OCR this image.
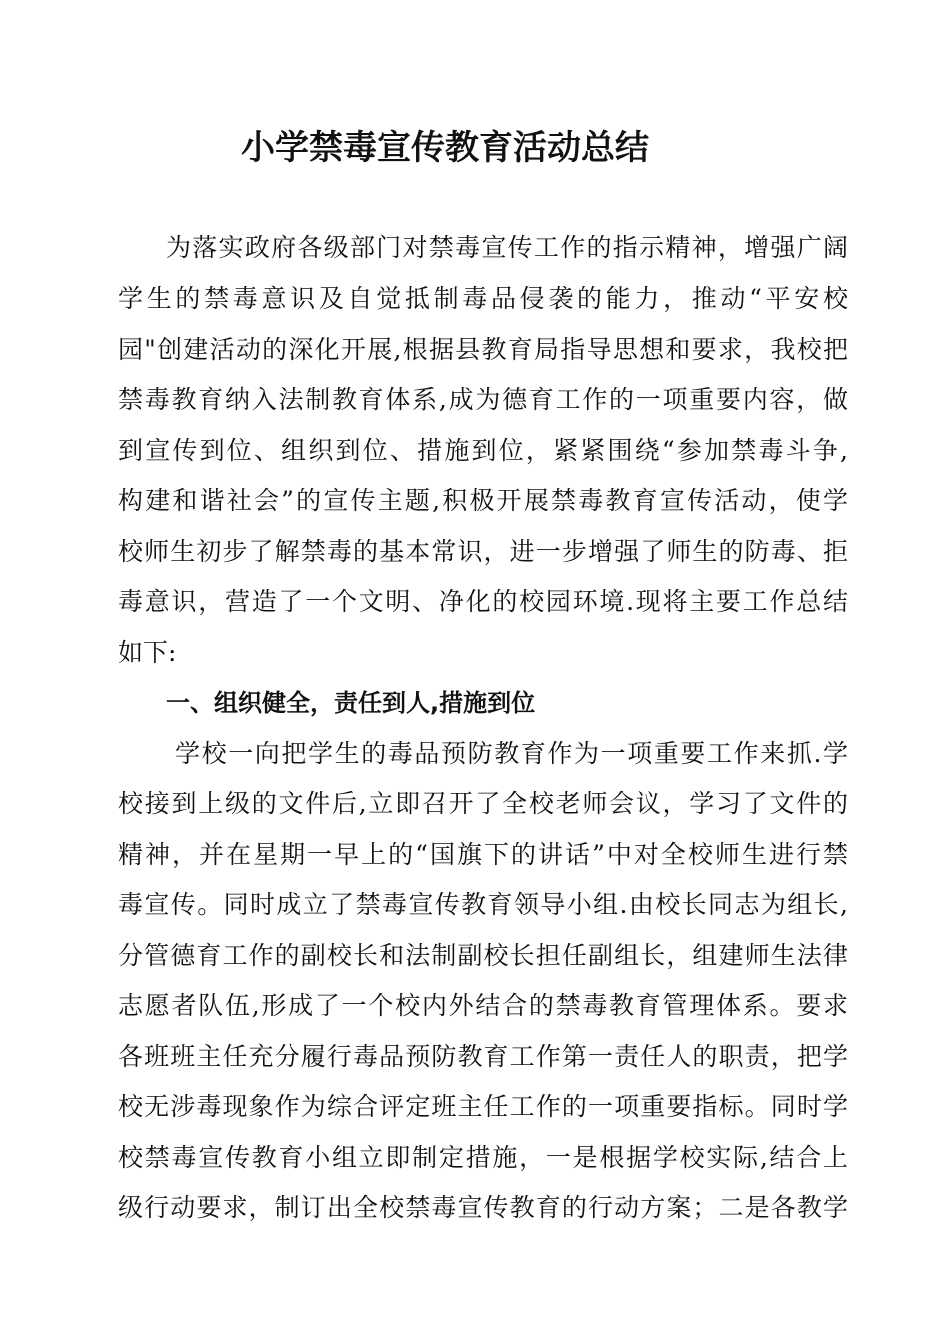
小学禁毒宣传教育活动总结
为落实政府各级部门对禁毒宣传工作的指示精神，增强广阔
学生的禁毒意识及自觉抵制毒品侵袭的能力，推动“平安校
园"创建活动的深化开展,根据县教育局指导思想和要求，我校把
禁毒教育纳入法制教育体系,成为德育工作的一项重要内容，做
到宣传到位、组织到位、措施到位，紧紧围绕“参加禁毒斗争,
构建和谐社会”的宣传主题,积极开展禁毒教育宣传活动，使学
校师生初步了解禁毒的基本常识，进一步增强了师生的防毒、拒
毒意识，营造了一个文明、净化的校园环境.现将主要工作总结
如下:
一、组织健全，责任到人,措施到位
学校一向把学生的毒品预防教育作为一项重要工作来抓.学
校接到上级的文件后,立即召开了全校老师会议，学习了文件的
精神，并在星期一早上的“国旗下的讲话”中对全校师生进行禁
毒宣传。同时成立了禁毒宣传教育领导小组.由校长同志为组长,
分管德育工作的副校长和法制副校长担任副组长，组建师生法律
志愿者队伍,形成了一个校内外结合的禁毒教育管理体系。要求
各班班主任充分履行毒品预防教育工作第一责任人的职责，把学
校无涉毒现象作为综合评定班主任工作的一项重要指标。同时学
校禁毒宣传教育小组立即制定措施，一是根据学校实际,结合上
级行动要求，制订出全校禁毒宣传教育的行动方案；二是各教学
